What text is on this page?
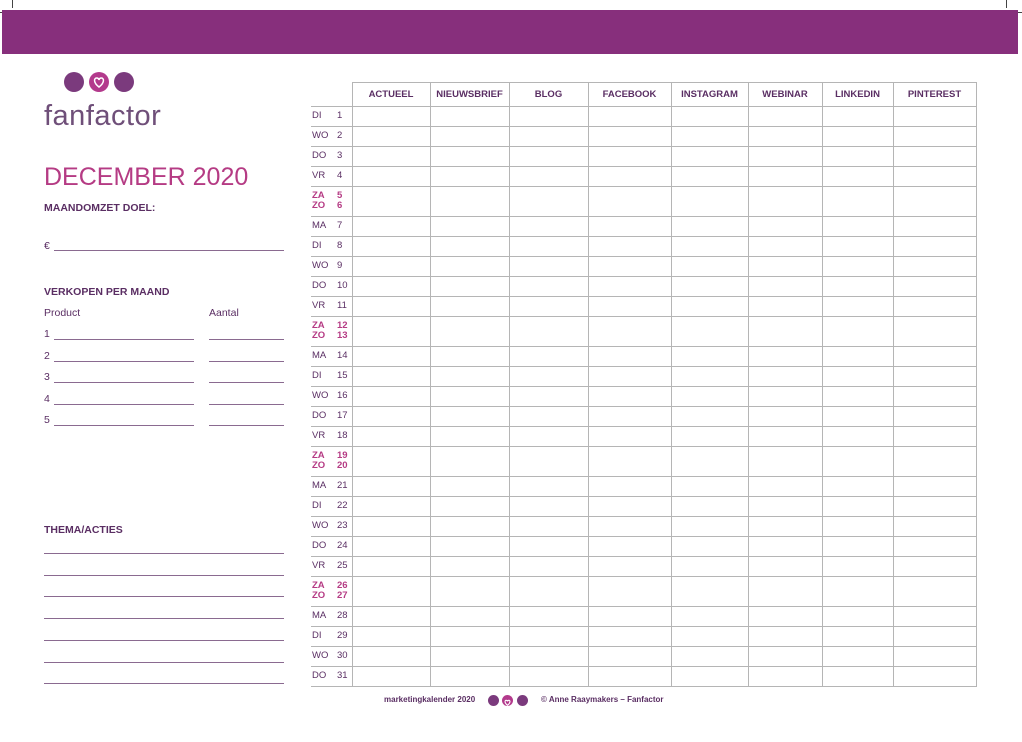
fanfactor
DECEMBER 2020
MAANDOMZET DOEL:
€
VERKOPEN PER MAAND
Product	Aantal
1
2
3
4
5
THEMA/ACTIES
	ACTUEEL	NIEUWSBRIEF	BLOG	FACEBOOK	INSTAGRAM	WEBINAR	LINKEDIN	PINTEREST

DI 1								

WO 2								

DO 3								

VR 4								

ZA 5
ZO 6								

MA 7								

DI 8								

WO 9								

DO 10								

VR 11								

ZA 12
ZO 13								

MA 14								

DI 15								

WO 16								

DO 17								

VR 18								

ZA 19
ZO 20								

MA 21								

DI 22								

WO 23								

DO 24								

VR 25								

ZA 26
ZO 27								

MA 28								

DI 29								

WO 30								

DO 31								

marketingkalender 2020	© Anne Raaymakers – Fanfactor
